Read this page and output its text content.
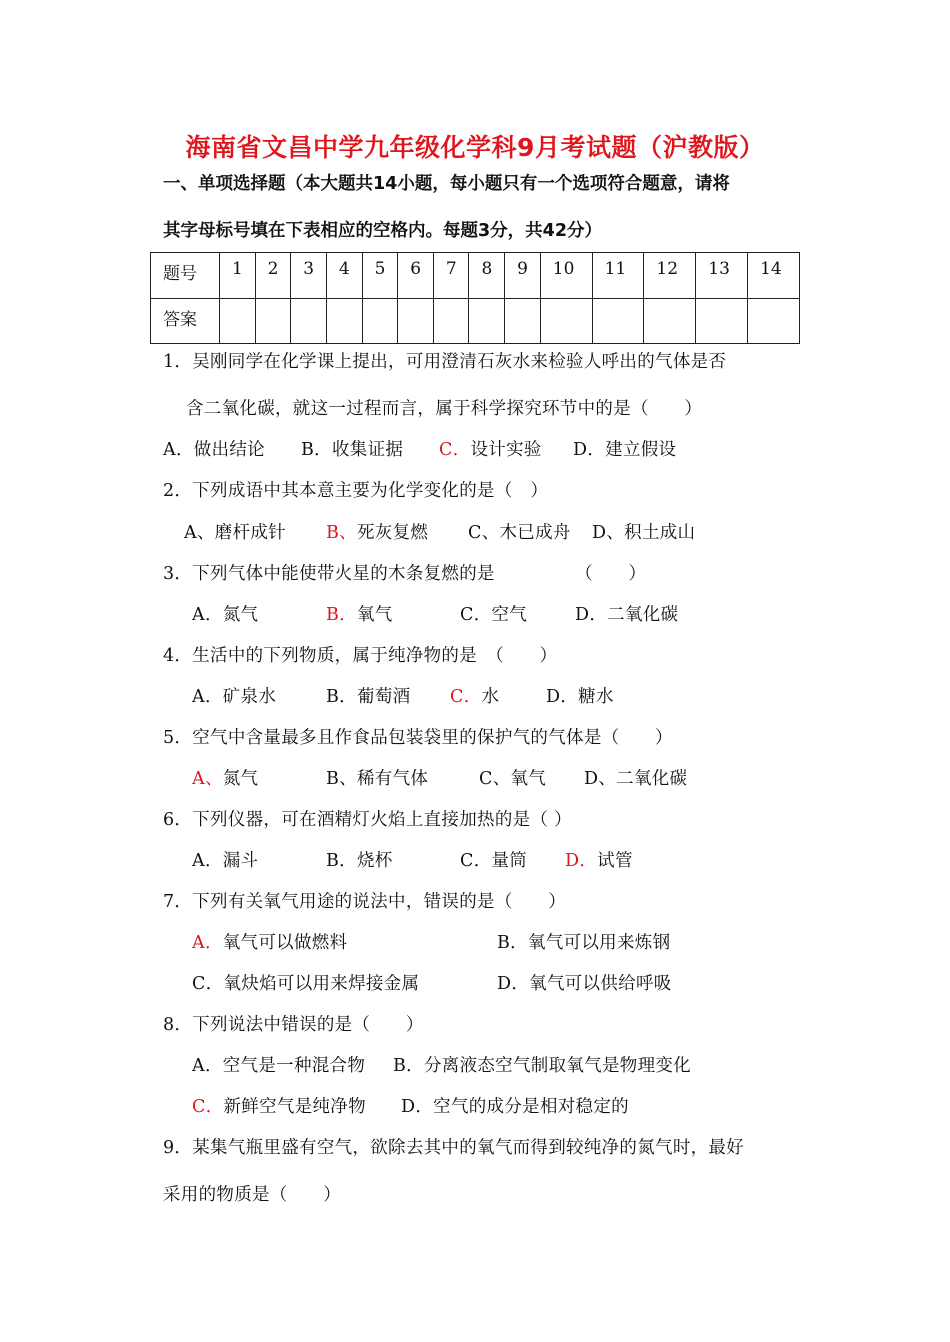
海南省文昌中学九年级化学科9月考试题（沪教版）
一、单项选择题（本大题共14小题，每小题只有一个选项符合题意，请将
其字母标号填在下表相应的空格内。每题3分，共42分）
题号	1	2	3	4	5	6	7	8	9	10	11	12	13	14
答案														
1．吴刚同学在化学课上提出，可用澄清石灰水来检验人呼出的气体是否
含二氧化碳，就这一过程而言，属于科学探究环节中的是（　　）
A．做出结论 B．收集证据 C．设计实验 D．建立假设
2．下列成语中其本意主要为化学变化的是（　）
A、磨杆成针 B、死灰复燃 C、木已成舟 D、积土成山
3．下列气体中能使带火星的木条复燃的是　　　　　（　　）
A．氮气	B．氧气	C．空气	D．二氧化碳
4．生活中的下列物质，属于纯净物的是　（　　）
A．矿泉水	B．葡萄酒 C．水	D．糖水
5．空气中含量最多且作食品包装袋里的保护气的气体是（　　）
A、氮气	B、稀有气体	C、氧气 D、二氧化碳
6．下列仪器，可在酒精灯火焰上直接加热的是（ ）
A．漏斗	B．烧杯	C．量筒 D．试管
7．下列有关氧气用途的说法中，错误的是（　　）
A．氧气可以做燃料	B．氧气可以用来炼钢
C．氧炔焰可以用来焊接金属	D．氧气可以供给呼吸
8．下列说法中错误的是（　　）
A．空气是一种混合物 B．分离液态空气制取氧气是物理变化
C．新鲜空气是纯净物 D．空气的成分是相对稳定的
9．某集气瓶里盛有空气，欲除去其中的氧气而得到较纯净的氮气时，最好
采用的物质是（　　）
